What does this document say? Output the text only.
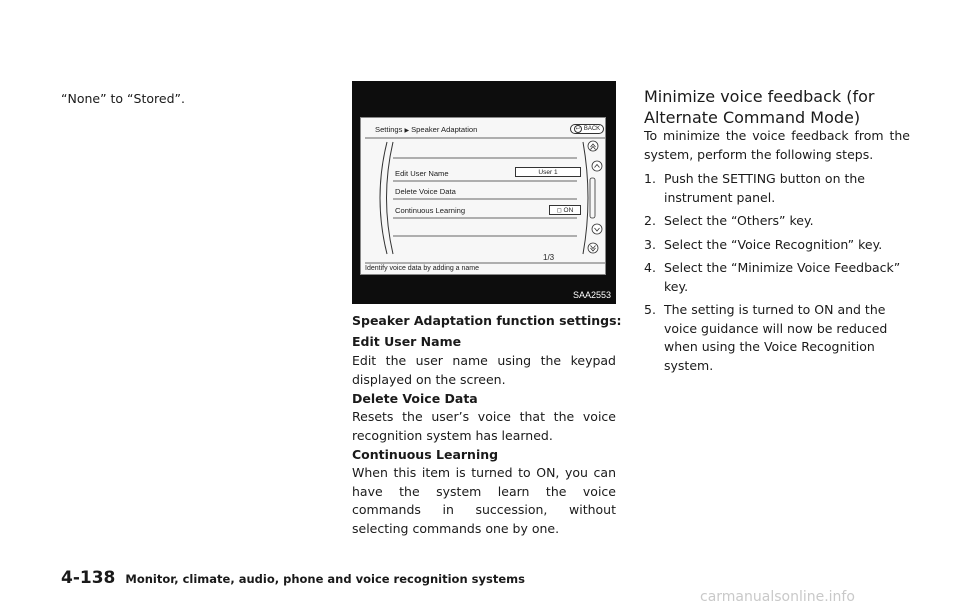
“None” to “Stored”.
Settings ▶ Speaker Adaptation	↩ BACK
Edit User Name	User 1
Delete Voice Data
Continuous Learning	◻ ON
1/3
Identify voice data by adding a name
SAA2553
Speaker Adaptation function settings:
Edit User Name
Edit the user name using the keypad displayed on the screen.
Delete Voice Data
Resets the user’s voice that the voice recognition system has learned.
Continuous Learning
When this item is turned to ON, you can have the system learn the voice commands in succession, without selecting commands one by one.
Minimize voice feedback (for Alternate Command Mode)
To minimize the voice feedback from the system, perform the following steps.
1. Push the SETTING button on the instrument panel.
2. Select the “Others” key.
3. Select the “Voice Recognition” key.
4. Select the “Minimize Voice Feedback” key.
5. The setting is turned to ON and the voice guidance will now be reduced when using the Voice Recognition system.
4-138 Monitor, climate, audio, phone and voice recognition systems
carmanualsonline.info
